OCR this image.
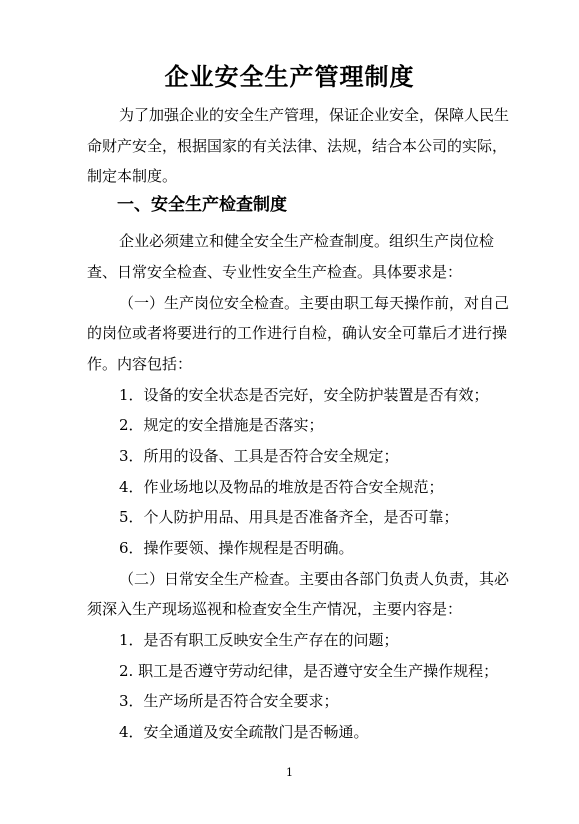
企业安全生产管理制度
为了加强企业的安全生产管理，保证企业安全，保障人民生
命财产安全，根据国家的有关法律、法规，结合本公司的实际，
制定本制度。
一、安全生产检查制度
企业必须建立和健全安全生产检查制度。组织生产岗位检
查、日常安全检查、专业性安全生产检查。具体要求是：
（一）生产岗位安全检查。主要由职工每天操作前，对自己
的岗位或者将要进行的工作进行自检，确认安全可靠后才进行操
作。内容包括：
1．设备的安全状态是否完好，安全防护装置是否有效；
2．规定的安全措施是否落实；
3．所用的设备、工具是否符合安全规定；
4．作业场地以及物品的堆放是否符合安全规范；
5．个人防护用品、用具是否准备齐全，是否可靠；
6．操作要领、操作规程是否明确。
（二）日常安全生产检查。主要由各部门负责人负责，其必
须深入生产现场巡视和检查安全生产情况，主要内容是：
1．是否有职工反映安全生产存在的问题；
2. 职工是否遵守劳动纪律，是否遵守安全生产操作规程；
3．生产场所是否符合安全要求；
4．安全通道及安全疏散门是否畅通。
1
